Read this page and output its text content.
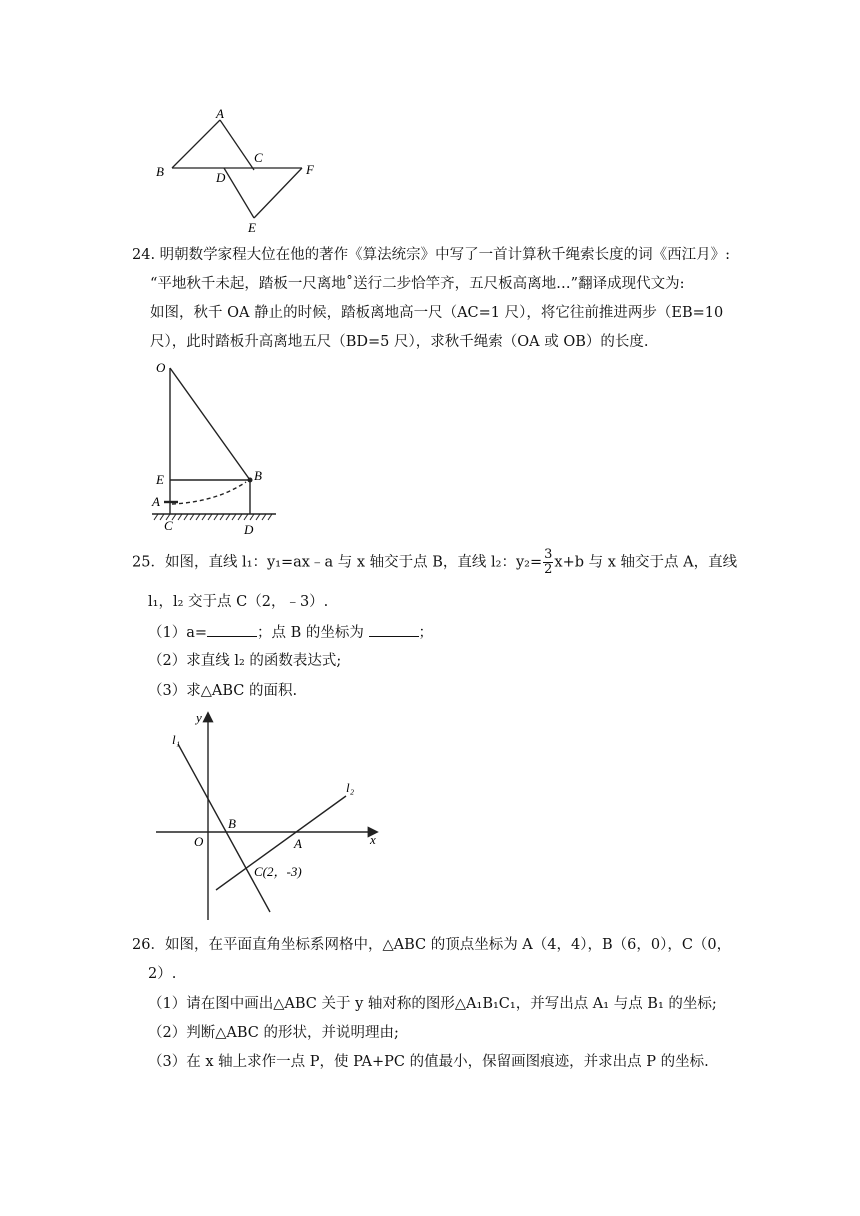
A
B
C
D
F
E
24. 明朝数学家程大位在他的著作《算法统宗》中写了一首计算秋千绳索长度的词《西江月》:
“平地秋千未起，踏板一尺离地˚送行二步恰竿齐，五尺板高离地…”翻译成现代文为:
如图，秋千 OA 静止的时候，踏板离地高一尺（AC=1 尺），将它往前推进两步（EB=10
尺），此时踏板升高离地五尺（BD=5 尺），求秋千绳索（OA 或 OB）的长度.
O
E	B
A
C	D
25．如图，直线 l₁：y₁=ax﹣a 与 x 轴交于点 B，直线 l₂：$y_2= \frac{3}{2} x+b$ 与 x 轴交于点 A，直线
l₁，l₂ 交于点 C（2，﹣3）.
（1）a=	；点 B 的坐标为	；
（2）求直线 l₂ 的函数表达式;
（3）求△ABC 的面积.
y
x
O
B
A
l₁
l₂
C(2，-3)
26．如图，在平面直角坐标系网格中，△ABC 的顶点坐标为 A（4，4），B（6，0），C（0，
2）.
（1）请在图中画出△ABC 关于 y 轴对称的图形△A₁B₁C₁，并写出点 A₁ 与点 B₁ 的坐标;
（2）判断△ABC 的形状，并说明理由;
（3）在 x 轴上求作一点 P，使 PA+PC 的值最小，保留画图痕迹，并求出点 P 的坐标.
